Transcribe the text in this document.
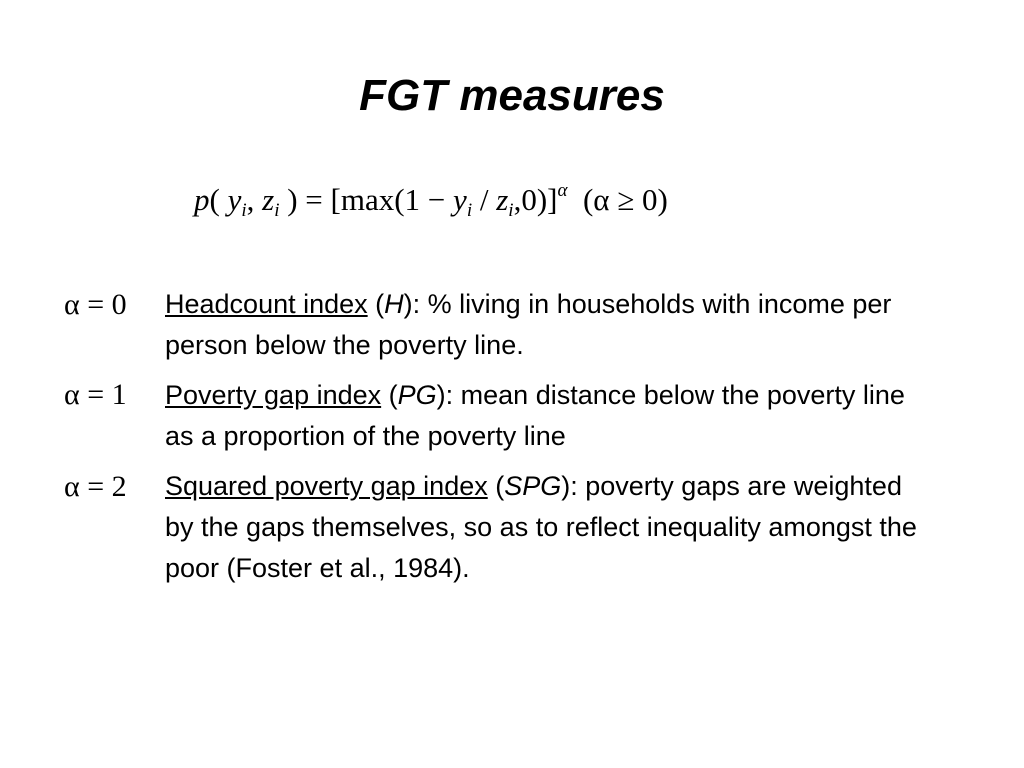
FGT measures
p( $y_i$, $z_i$ ) = $[\max(1 - y_i / z_i,0)]^\alpha$ (α ≥ 0)
α = 0 Headcount index (H): % living in households with income per person below the poverty line.
α = 1 Poverty gap index (PG): mean distance below the poverty line as a proportion of the poverty line
α = 2 Squared poverty gap index (SPG): poverty gaps are weighted by the gaps themselves, so as to reflect inequality amongst the poor (Foster et al., 1984).
